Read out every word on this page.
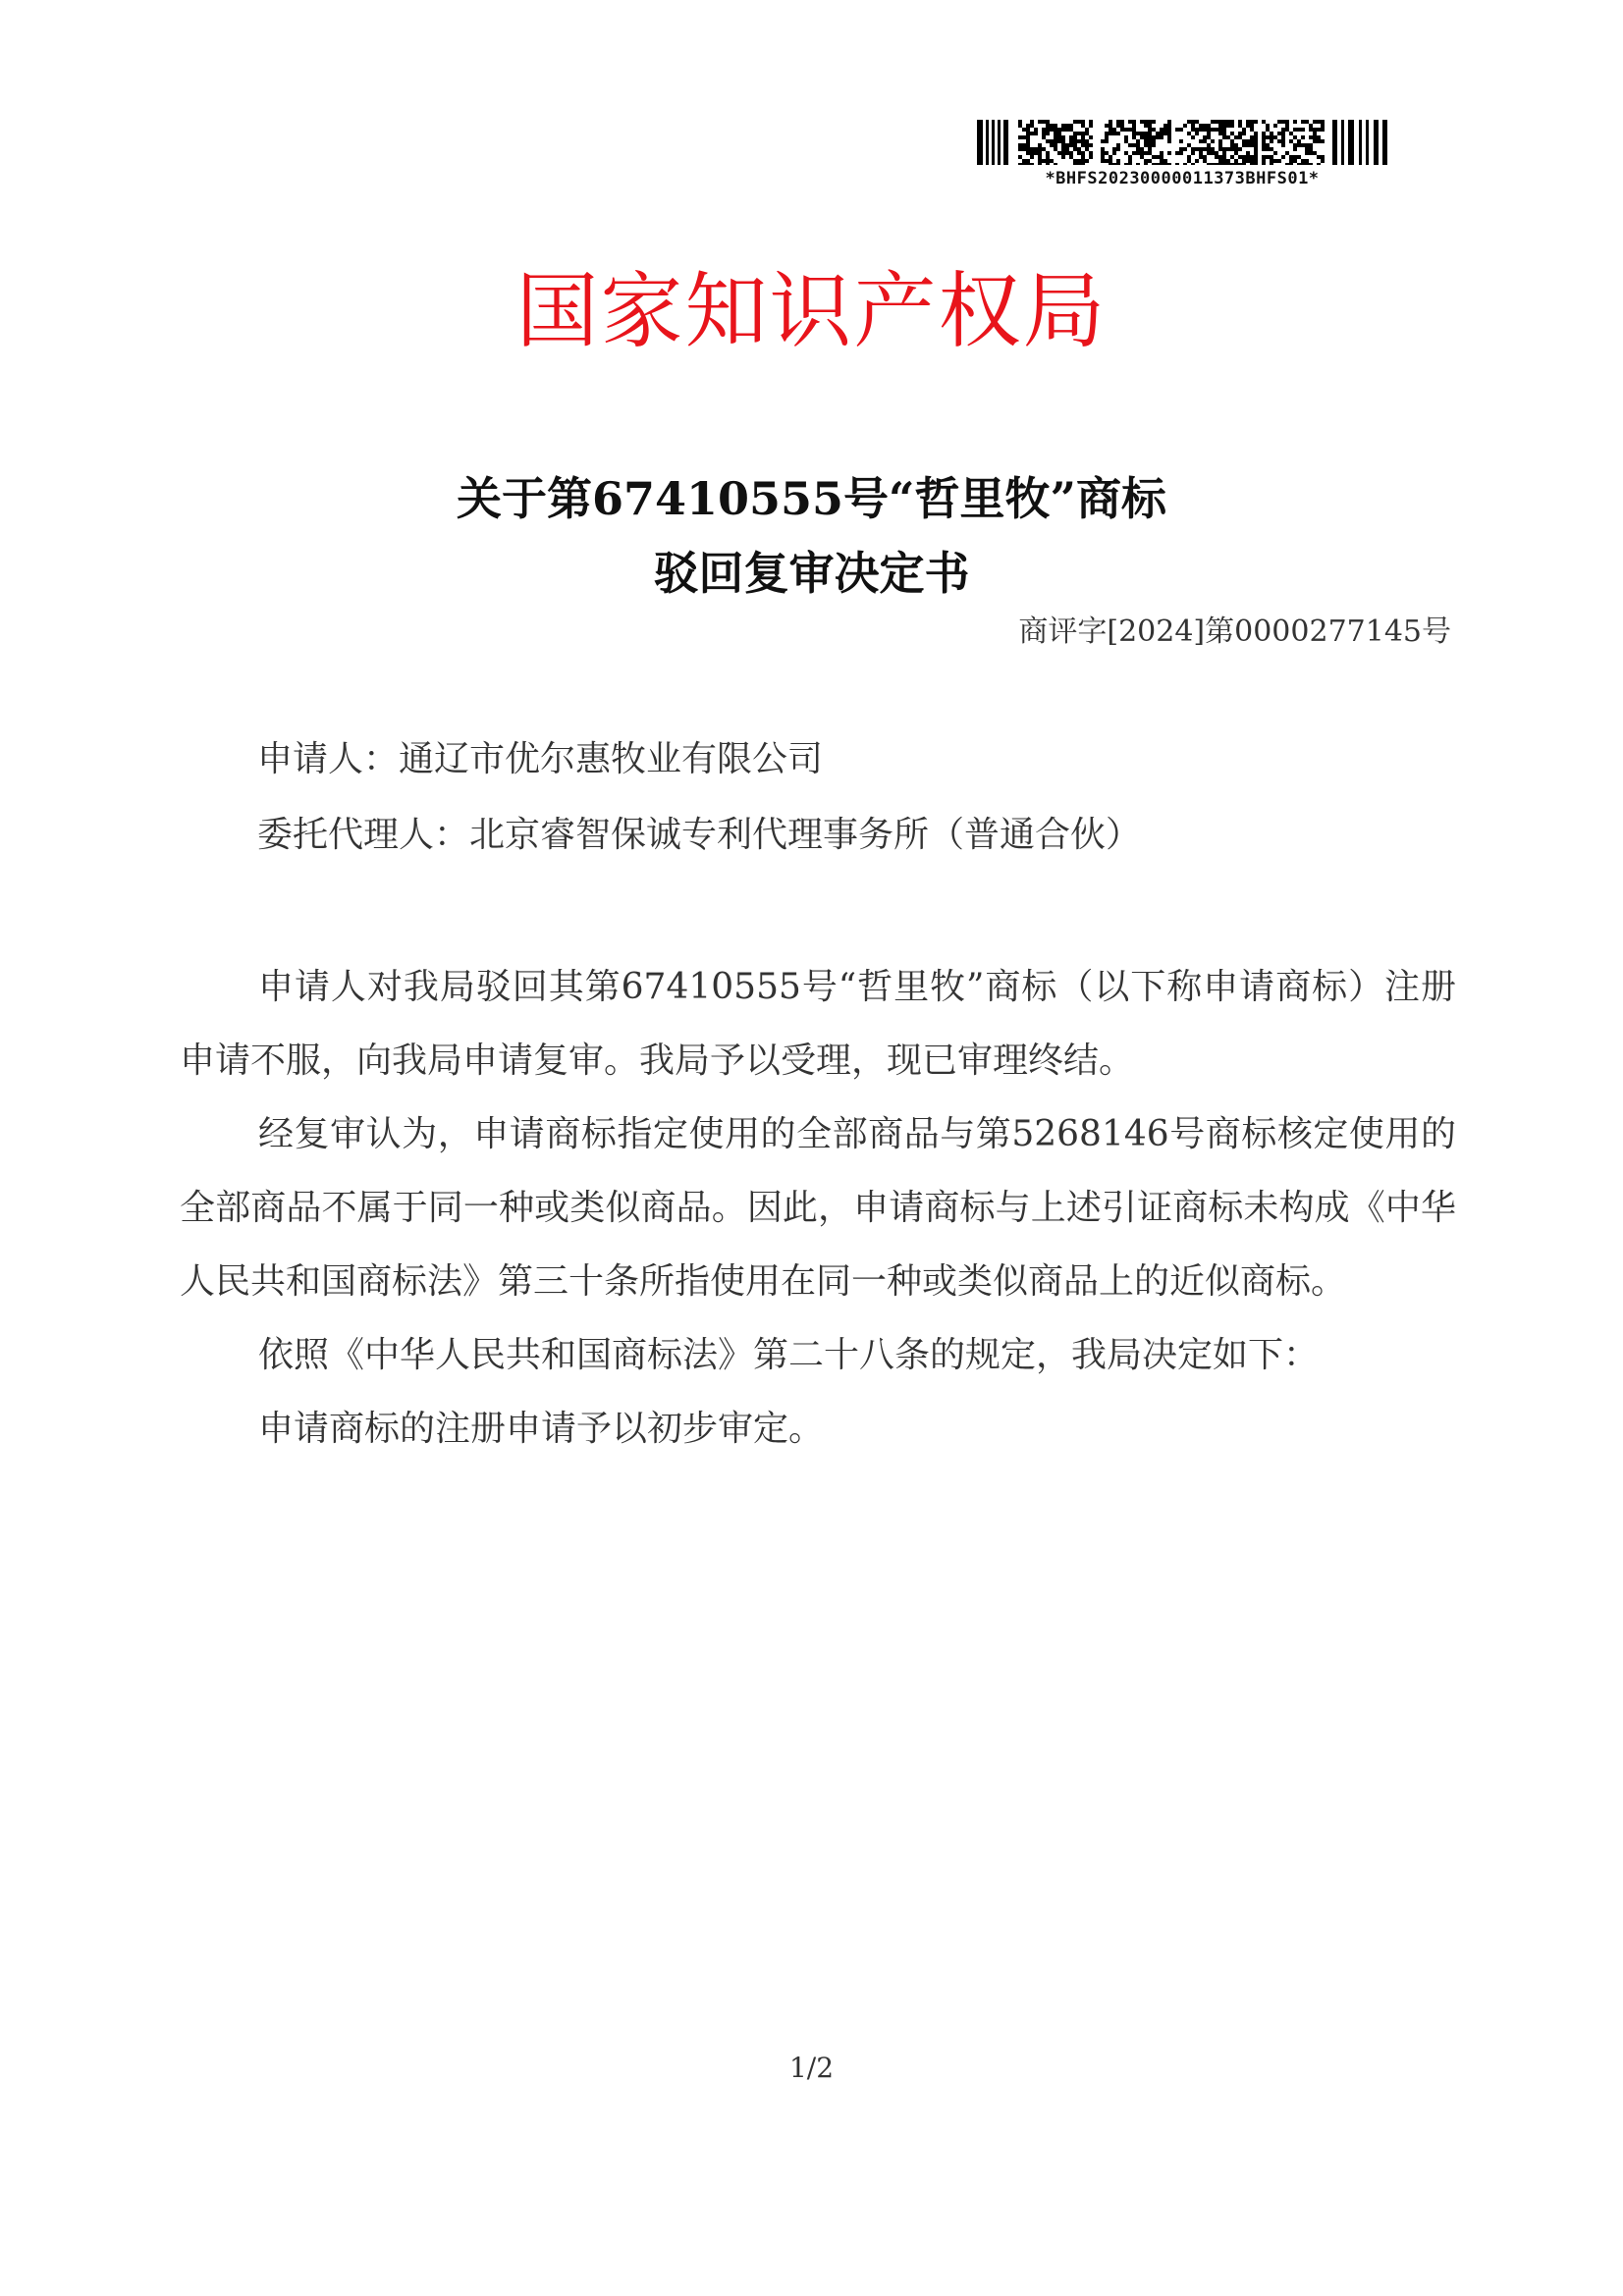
*BHFS20230000011373BHFS01*
国家知识产权局
关于第67410555号“哲里牧”商标
驳回复审决定书
商评字[2024]第0000277145号
申请人：通辽市优尔惠牧业有限公司
委托代理人：北京睿智保诚专利代理事务所（普通合伙）

申请人对我局驳回其第67410555号“哲里牧”商标（以下称申请商标）注册申请不服，向我局申请复审。我局予以受理，现已审理终结。

经复审认为，申请商标指定使用的全部商品与第5268146号商标核定使用的全部商品不属于同一种或类似商品。因此，申请商标与上述引证商标未构成《中华人民共和国商标法》第三十条所指使用在同一种或类似商品上的近似商标。

依照《中华人民共和国商标法》第二十八条的规定，我局决定如下：

申请商标的注册申请予以初步审定。

1/2
